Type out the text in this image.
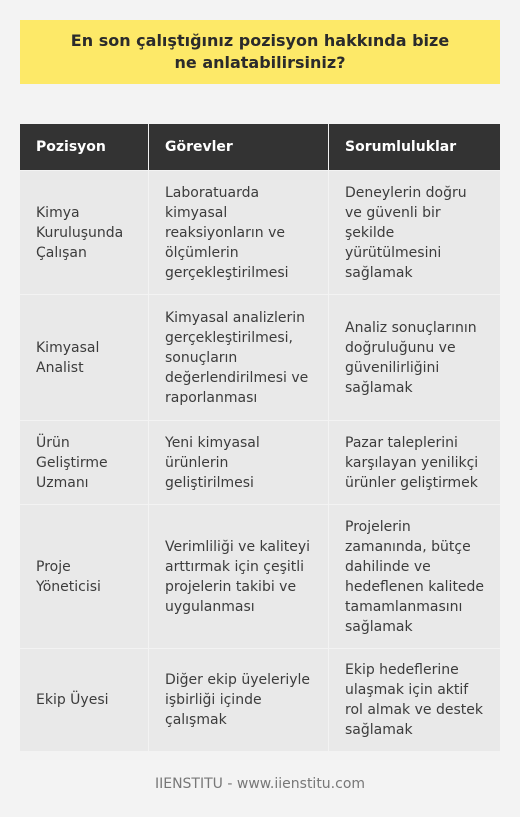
En son çalıştığınız pozisyon hakkında bize ne anlatabilirsiniz?
Pozisyon	Görevler	Sorumluluklar
Kimya Kuruluşunda Çalışan	Laboratuarda kimyasal reaksiyonların ve ölçümlerin gerçekleştirilmesi	Deneylerin doğru ve güvenli bir şekilde yürütülmesini sağlamak
Kimyasal Analist	Kimyasal analizlerin gerçekleştirilmesi, sonuçların değerlendirilmesi ve raporlanması	Analiz sonuçlarının doğruluğunu ve güvenilirliğini sağlamak
Ürün Geliştirme Uzmanı	Yeni kimyasal ürünlerin geliştirilmesi	Pazar taleplerini karşılayan yenilikçi ürünler geliştirmek
Proje Yöneticisi	Verimliliği ve kaliteyi arttırmak için çeşitli projelerin takibi ve uygulanması	Projelerin zamanında, bütçe dahilinde ve hedeflenen kalitede tamamlanmasını sağlamak
Ekip Üyesi	Diğer ekip üyeleriyle işbirliği içinde çalışmak	Ekip hedeflerine ulaşmak için aktif rol almak ve destek sağlamak
IIENSTITU - www.iienstitu.com
